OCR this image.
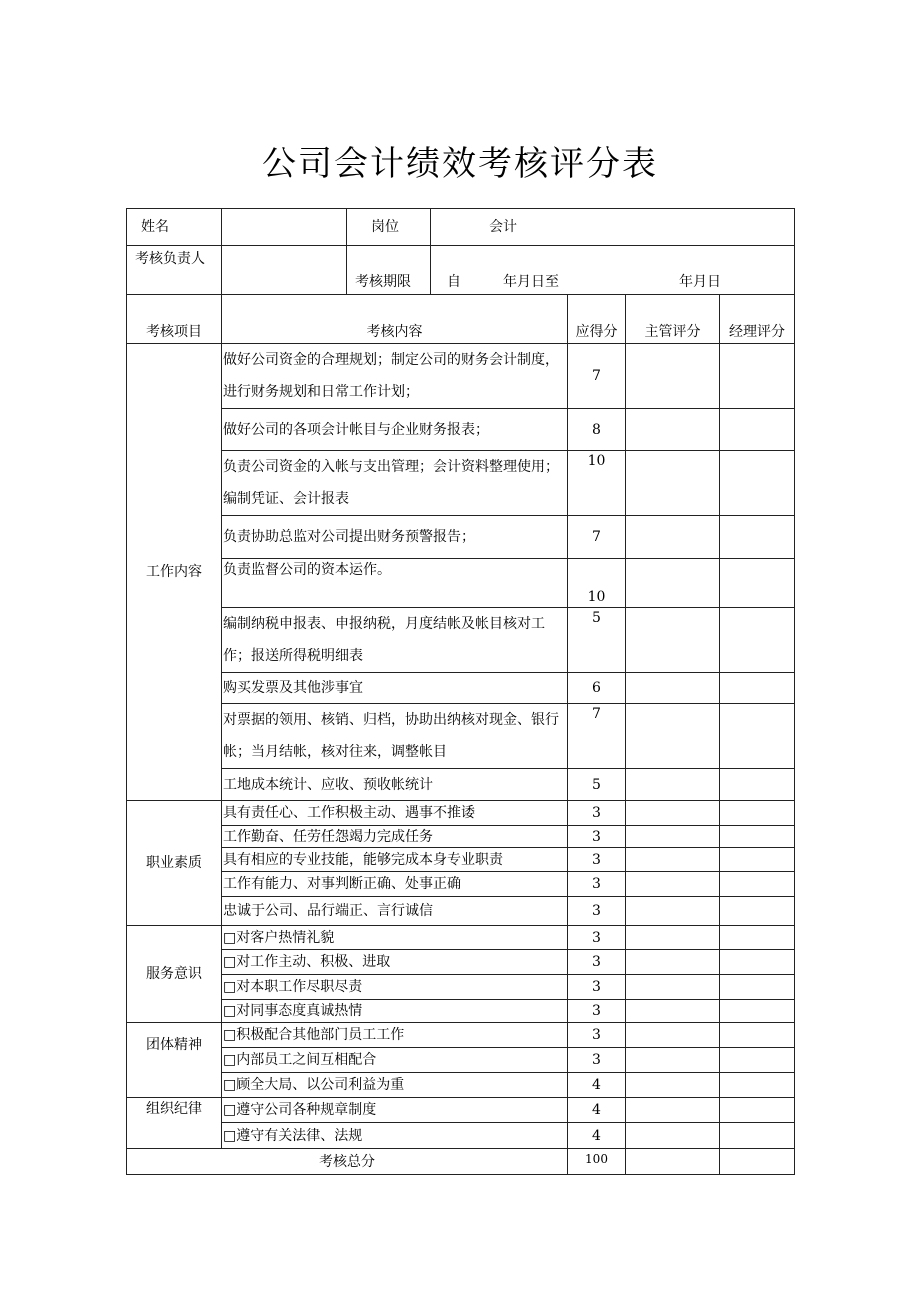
公司会计绩效考核评分表
姓名		岗位	会计			
考核负责人		考核期限	自 年月日至 年月日			
考核项目	考核内容			应得分	主管评分	经理评分
工作内容	做好公司资金的合理规划；制定公司的财务会计制度，进行财务规划和日常工作计划；			7		
	做好公司的各项会计帐目与企业财务报表；			8		
	负责公司资金的入帐与支出管理；会计资料整理使用；编制凭证、会计报表			10		
	负责协助总监对公司提出财务预警报告；			7		
	负责监督公司的资本运作。			10		
	编制纳税申报表、申报纳税，月度结帐及帐目核对工作；报送所得税明细表			5		
	购买发票及其他涉事宜			6		
	对票据的领用、核销、归档，协助出纳核对现金、银行帐；当月结帐，核对往来，调整帐目			7		
	工地成本统计、应收、预收帐统计			5		
职业素质	具有责任心、工作积极主动、遇事不推诿			3		
	工作勤奋、任劳任怨竭力完成任务			3		
	具有相应的专业技能，能够完成本身专业职责			3		
	工作有能力、对事判断正确、处事正确			3		
	忠诚于公司、品行端正、言行诚信			3		
服务意识	□对客户热情礼貌			3		
	□对工作主动、积极、进取			3		
	□对本职工作尽职尽责			3		
	□对同事态度真诚热情			3		
团体精神	□积极配合其他部门员工工作			3		
	□内部员工之间互相配合			3		
	□顾全大局、以公司利益为重			4		
组织纪律	□遵守公司各种规章制度			4		
	□遵守有关法律、法规			4		
考核总分				100		
